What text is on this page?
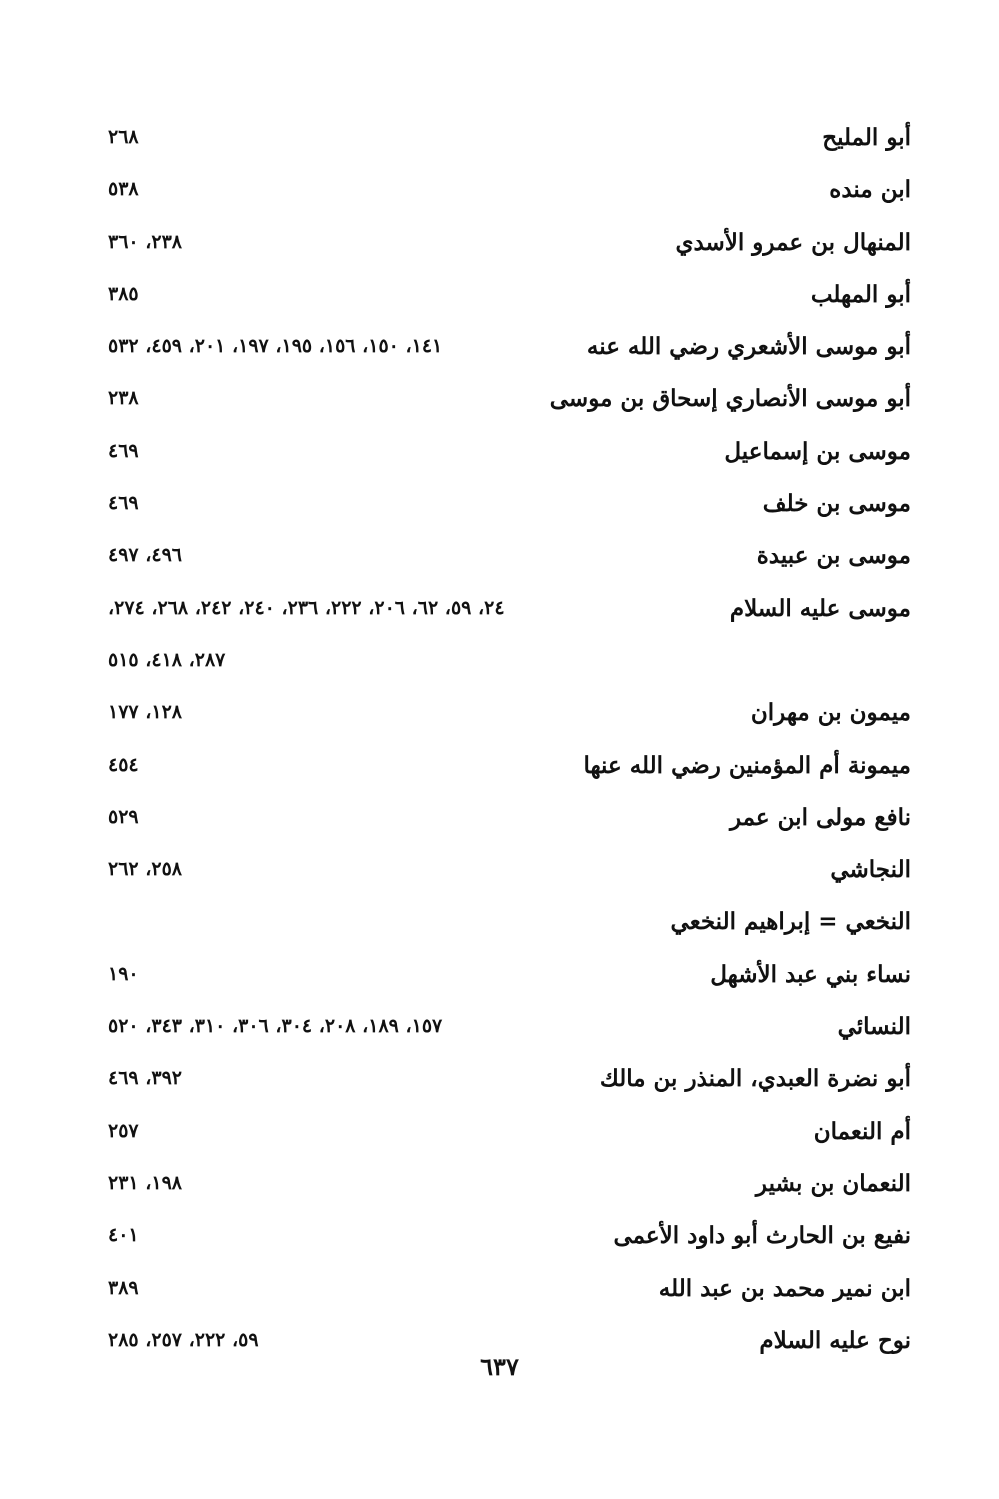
أبو المليح
٢٦٨
ابن منده
٥٣٨
المنهال بن عمرو الأسدي
٢٣٨، ٣٦٠
أبو المهلب
٣٨٥
أبو موسى الأشعري رضي الله عنه
١٤١، ١٥٠، ١٥٦، ١٩٥، ١٩٧، ٢٠١، ٤٥٩، ٥٣٢
أبو موسى الأنصاري إسحاق بن موسى
٢٣٨
موسى بن إسماعيل
٤٦٩
موسى بن خلف
٤٦٩
موسى بن عبيدة
٤٩٦، ٤٩٧
موسى عليه السلام
٢٤، ٥٩، ٦٢، ٢٠٦، ٢٢٢، ٢٣٦، ٢٤٠، ٢٤٢، ٢٦٨، ٢٧٤،
٢٨٧، ٤١٨، ٥١٥
ميمون بن مهران
١٢٨، ١٧٧
ميمونة أم المؤمنين رضي الله عنها
٤٥٤
نافع مولى ابن عمر
٥٢٩
النجاشي
٢٥٨، ٢٦٢
النخعي = إبراهيم النخعي
نساء بني عبد الأشهل
١٩٠
النسائي
١٥٧، ١٨٩، ٢٠٨، ٣٠٤، ٣٠٦، ٣١٠، ٣٤٣، ٥٢٠
أبو نضرة العبدي، المنذر بن مالك
٣٩٢، ٤٦٩
أم النعمان
٢٥٧
النعمان بن بشير
١٩٨، ٢٣١
نفيع بن الحارث أبو داود الأعمى
٤٠١
ابن نمير محمد بن عبد الله
٣٨٩
نوح عليه السلام
٥٩، ٢٢٢، ٢٥٧، ٢٨٥
٦٣٧
